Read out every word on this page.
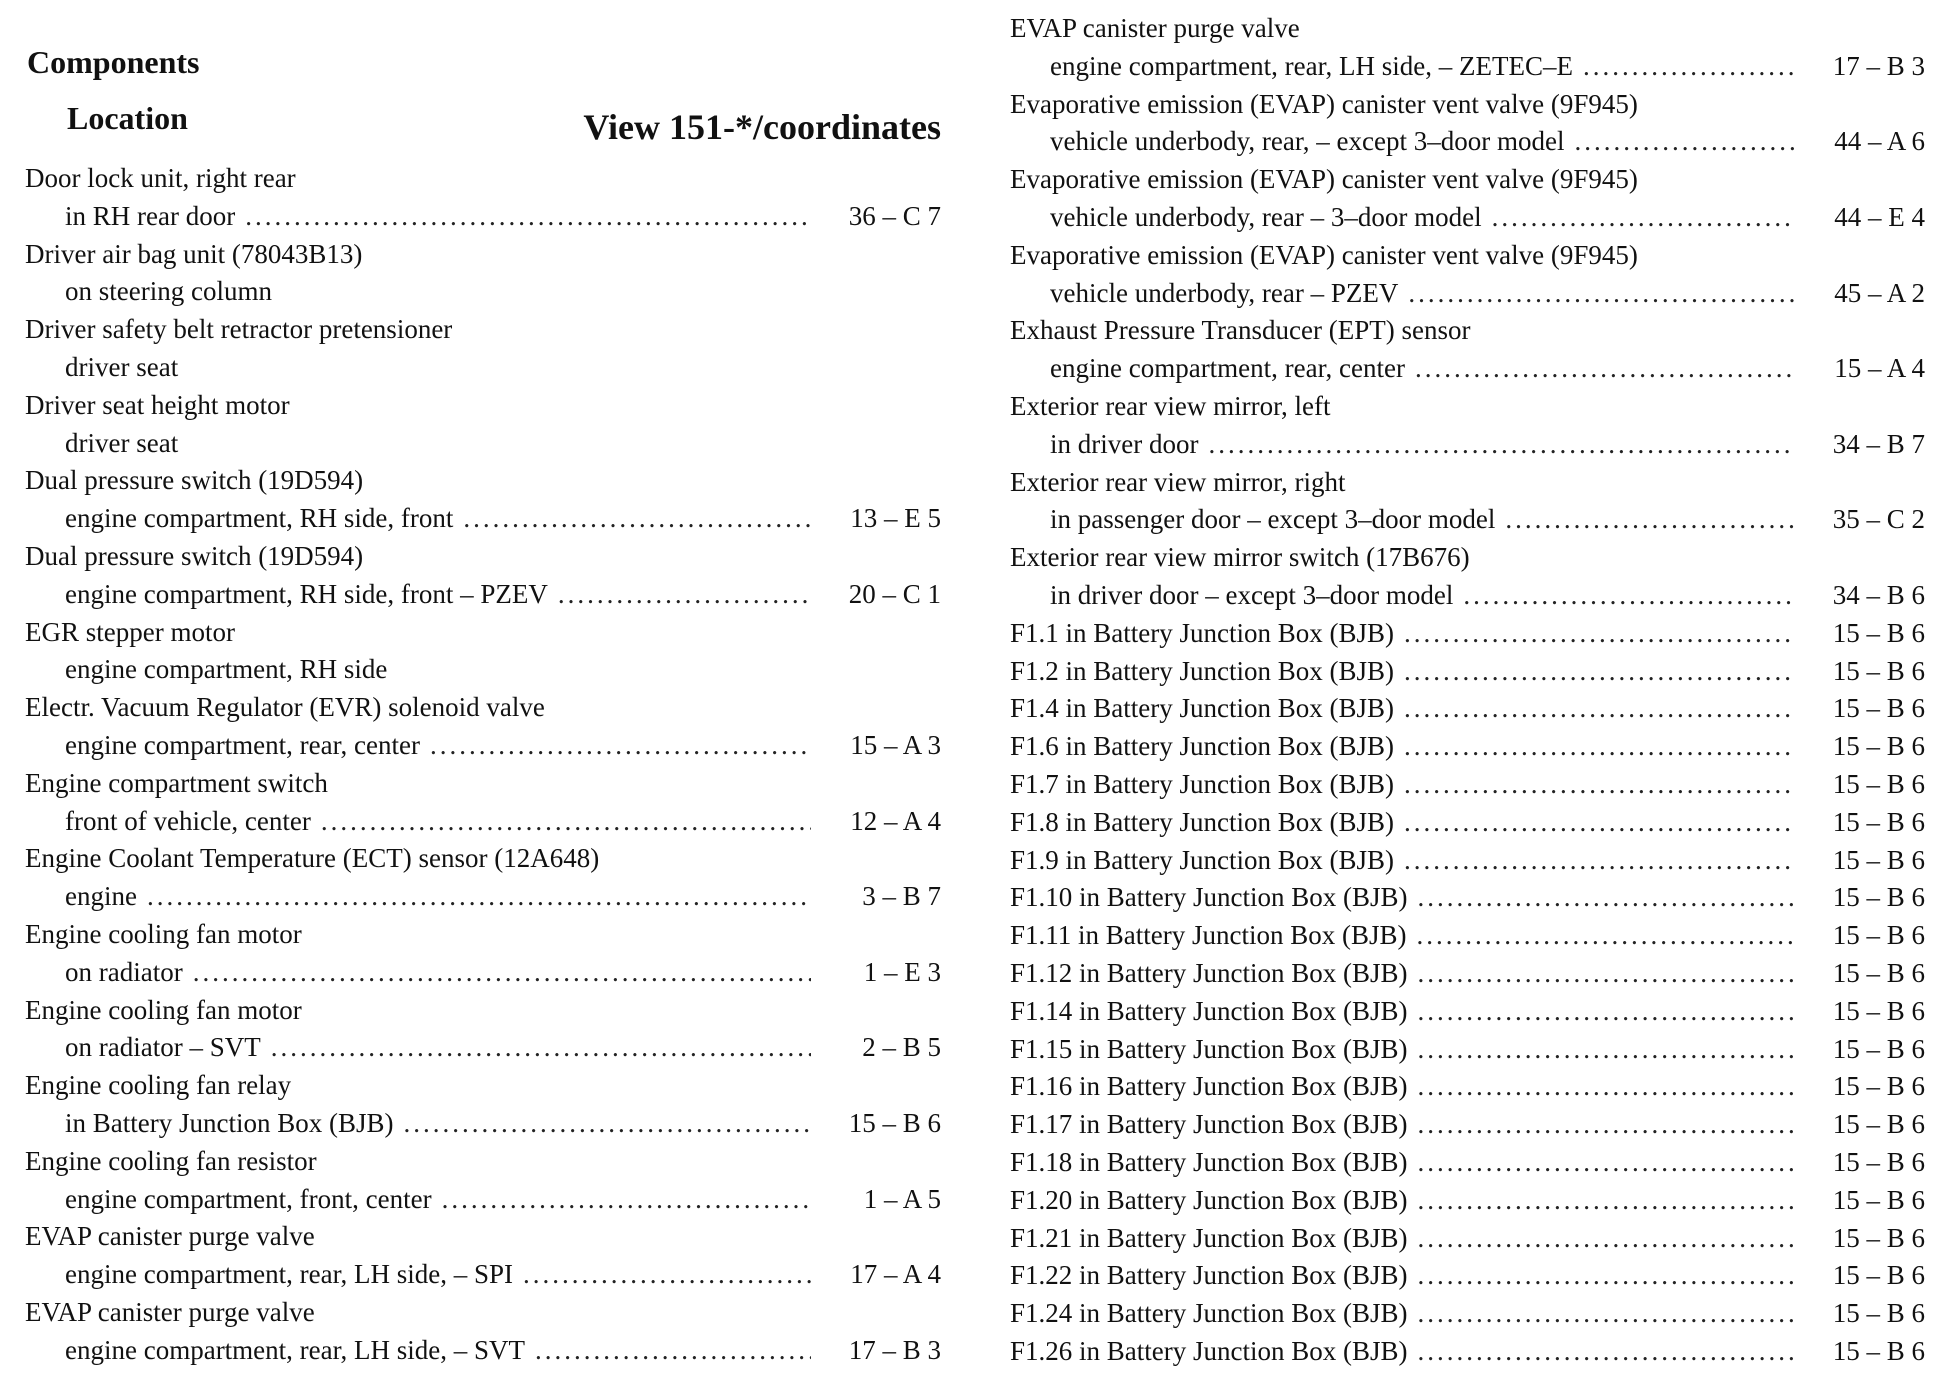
Components
Location	View 151-*/coordinates
Door lock unit, right rear
in RH rear door .....	36 – C 7
Driver air bag unit (78043B13)
on steering column
Driver safety belt retractor pretensioner
driver seat
Driver seat height motor
driver seat
Dual pressure switch (19D594)
engine compartment, RH side, front .....	13 – E 5
Dual pressure switch (19D594)
engine compartment, RH side, front – PZEV .....	20 – C 1
EGR stepper motor
engine compartment, RH side
Electr. Vacuum Regulator (EVR) solenoid valve
engine compartment, rear, center .....	15 – A 3
Engine compartment switch
front of vehicle, center .....	12 – A 4
Engine Coolant Temperature (ECT) sensor (12A648)
engine .....	3 – B 7
Engine cooling fan motor
on radiator .....	1 – E 3
Engine cooling fan motor
on radiator – SVT .....	2 – B 5
Engine cooling fan relay
in Battery Junction Box (BJB) .....	15 – B 6
Engine cooling fan resistor
engine compartment, front, center .....	1 – A 5
EVAP canister purge valve
engine compartment, rear, LH side, – SPI .....	17 – A 4
EVAP canister purge valve
engine compartment, rear, LH side, – SVT .....	17 – B 3
EVAP canister purge valve
engine compartment, rear, LH side, – ZETEC–E .....	17 – B 3
Evaporative emission (EVAP) canister vent valve (9F945)
vehicle underbody, rear, – except 3–door model .....	44 – A 6
Evaporative emission (EVAP) canister vent valve (9F945)
vehicle underbody, rear – 3–door model .....	44 – E 4
Evaporative emission (EVAP) canister vent valve (9F945)
vehicle underbody, rear – PZEV .....	45 – A 2
Exhaust Pressure Transducer (EPT) sensor
engine compartment, rear, center .....	15 – A 4
Exterior rear view mirror, left
in driver door .....	34 – B 7
Exterior rear view mirror, right
in passenger door – except 3–door model .....	35 – C 2
Exterior rear view mirror switch (17B676)
in driver door – except 3–door model .....	34 – B 6
F1.1 in Battery Junction Box (BJB) .....	15 – B 6
F1.2 in Battery Junction Box (BJB) .....	15 – B 6
F1.4 in Battery Junction Box (BJB) .....	15 – B 6
F1.6 in Battery Junction Box (BJB) .....	15 – B 6
F1.7 in Battery Junction Box (BJB) .....	15 – B 6
F1.8 in Battery Junction Box (BJB) .....	15 – B 6
F1.9 in Battery Junction Box (BJB) .....	15 – B 6
F1.10 in Battery Junction Box (BJB) .....	15 – B 6
F1.11 in Battery Junction Box (BJB) .....	15 – B 6
F1.12 in Battery Junction Box (BJB) .....	15 – B 6
F1.14 in Battery Junction Box (BJB) .....	15 – B 6
F1.15 in Battery Junction Box (BJB) .....	15 – B 6
F1.16 in Battery Junction Box (BJB) .....	15 – B 6
F1.17 in Battery Junction Box (BJB) .....	15 – B 6
F1.18 in Battery Junction Box (BJB) .....	15 – B 6
F1.20 in Battery Junction Box (BJB) .....	15 – B 6
F1.21 in Battery Junction Box (BJB) .....	15 – B 6
F1.22 in Battery Junction Box (BJB) .....	15 – B 6
F1.24 in Battery Junction Box (BJB) .....	15 – B 6
F1.26 in Battery Junction Box (BJB) .....	15 – B 6
